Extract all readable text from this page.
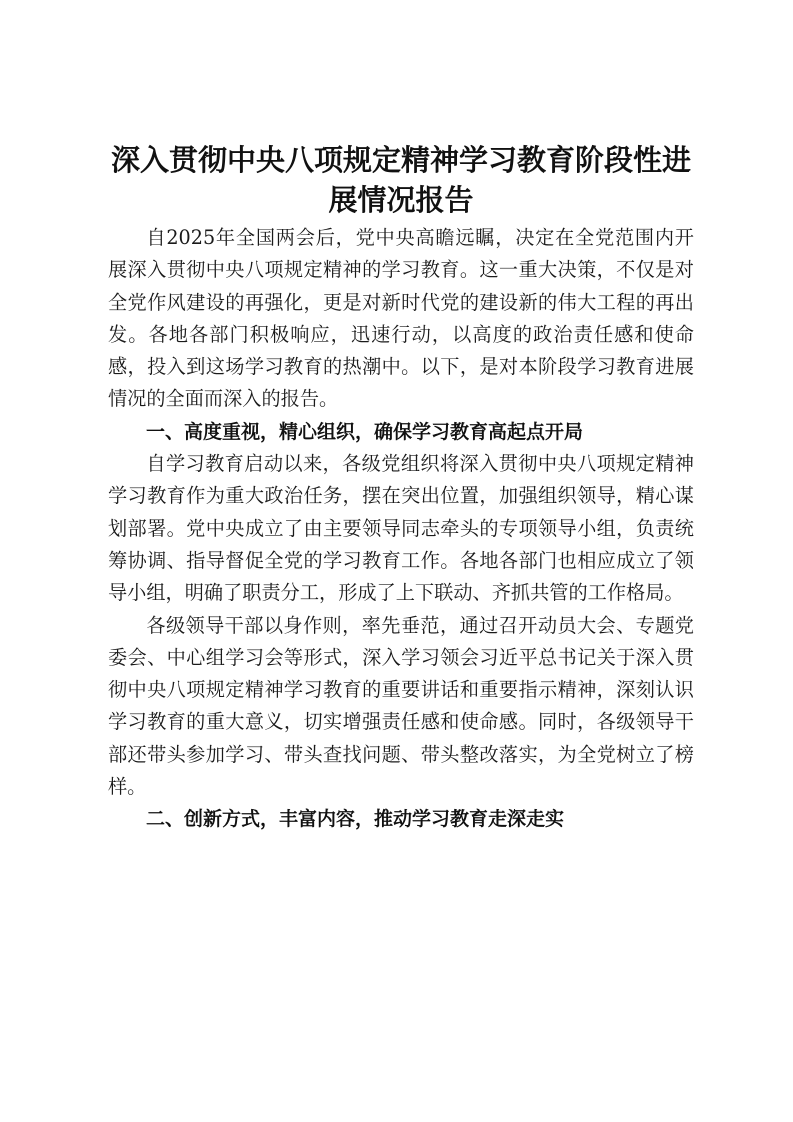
深入贯彻中央八项规定精神学习教育阶段性进展情况报告

自2025年全国两会后，党中央高瞻远瞩，决定在全党范围内开展深入贯彻中央八项规定精神的学习教育。这一重大决策，不仅是对全党作风建设的再强化，更是对新时代党的建设新的伟大工程的再出发。各地各部门积极响应，迅速行动，以高度的政治责任感和使命感，投入到这场学习教育的热潮中。以下，是对本阶段学习教育进展情况的全面而深入的报告。

一、高度重视，精心组织，确保学习教育高起点开局

自学习教育启动以来，各级党组织将深入贯彻中央八项规定精神学习教育作为重大政治任务，摆在突出位置，加强组织领导，精心谋划部署。党中央成立了由主要领导同志牵头的专项领导小组，负责统筹协调、指导督促全党的学习教育工作。各地各部门也相应成立了领导小组，明确了职责分工，形成了上下联动、齐抓共管的工作格局。

各级领导干部以身作则，率先垂范，通过召开动员大会、专题党委会、中心组学习会等形式，深入学习领会习近平总书记关于深入贯彻中央八项规定精神学习教育的重要讲话和重要指示精神，深刻认识学习教育的重大意义，切实增强责任感和使命感。同时，各级领导干部还带头参加学习、带头查找问题、带头整改落实，为全党树立了榜样。

二、创新方式，丰富内容，推动学习教育走深走实
